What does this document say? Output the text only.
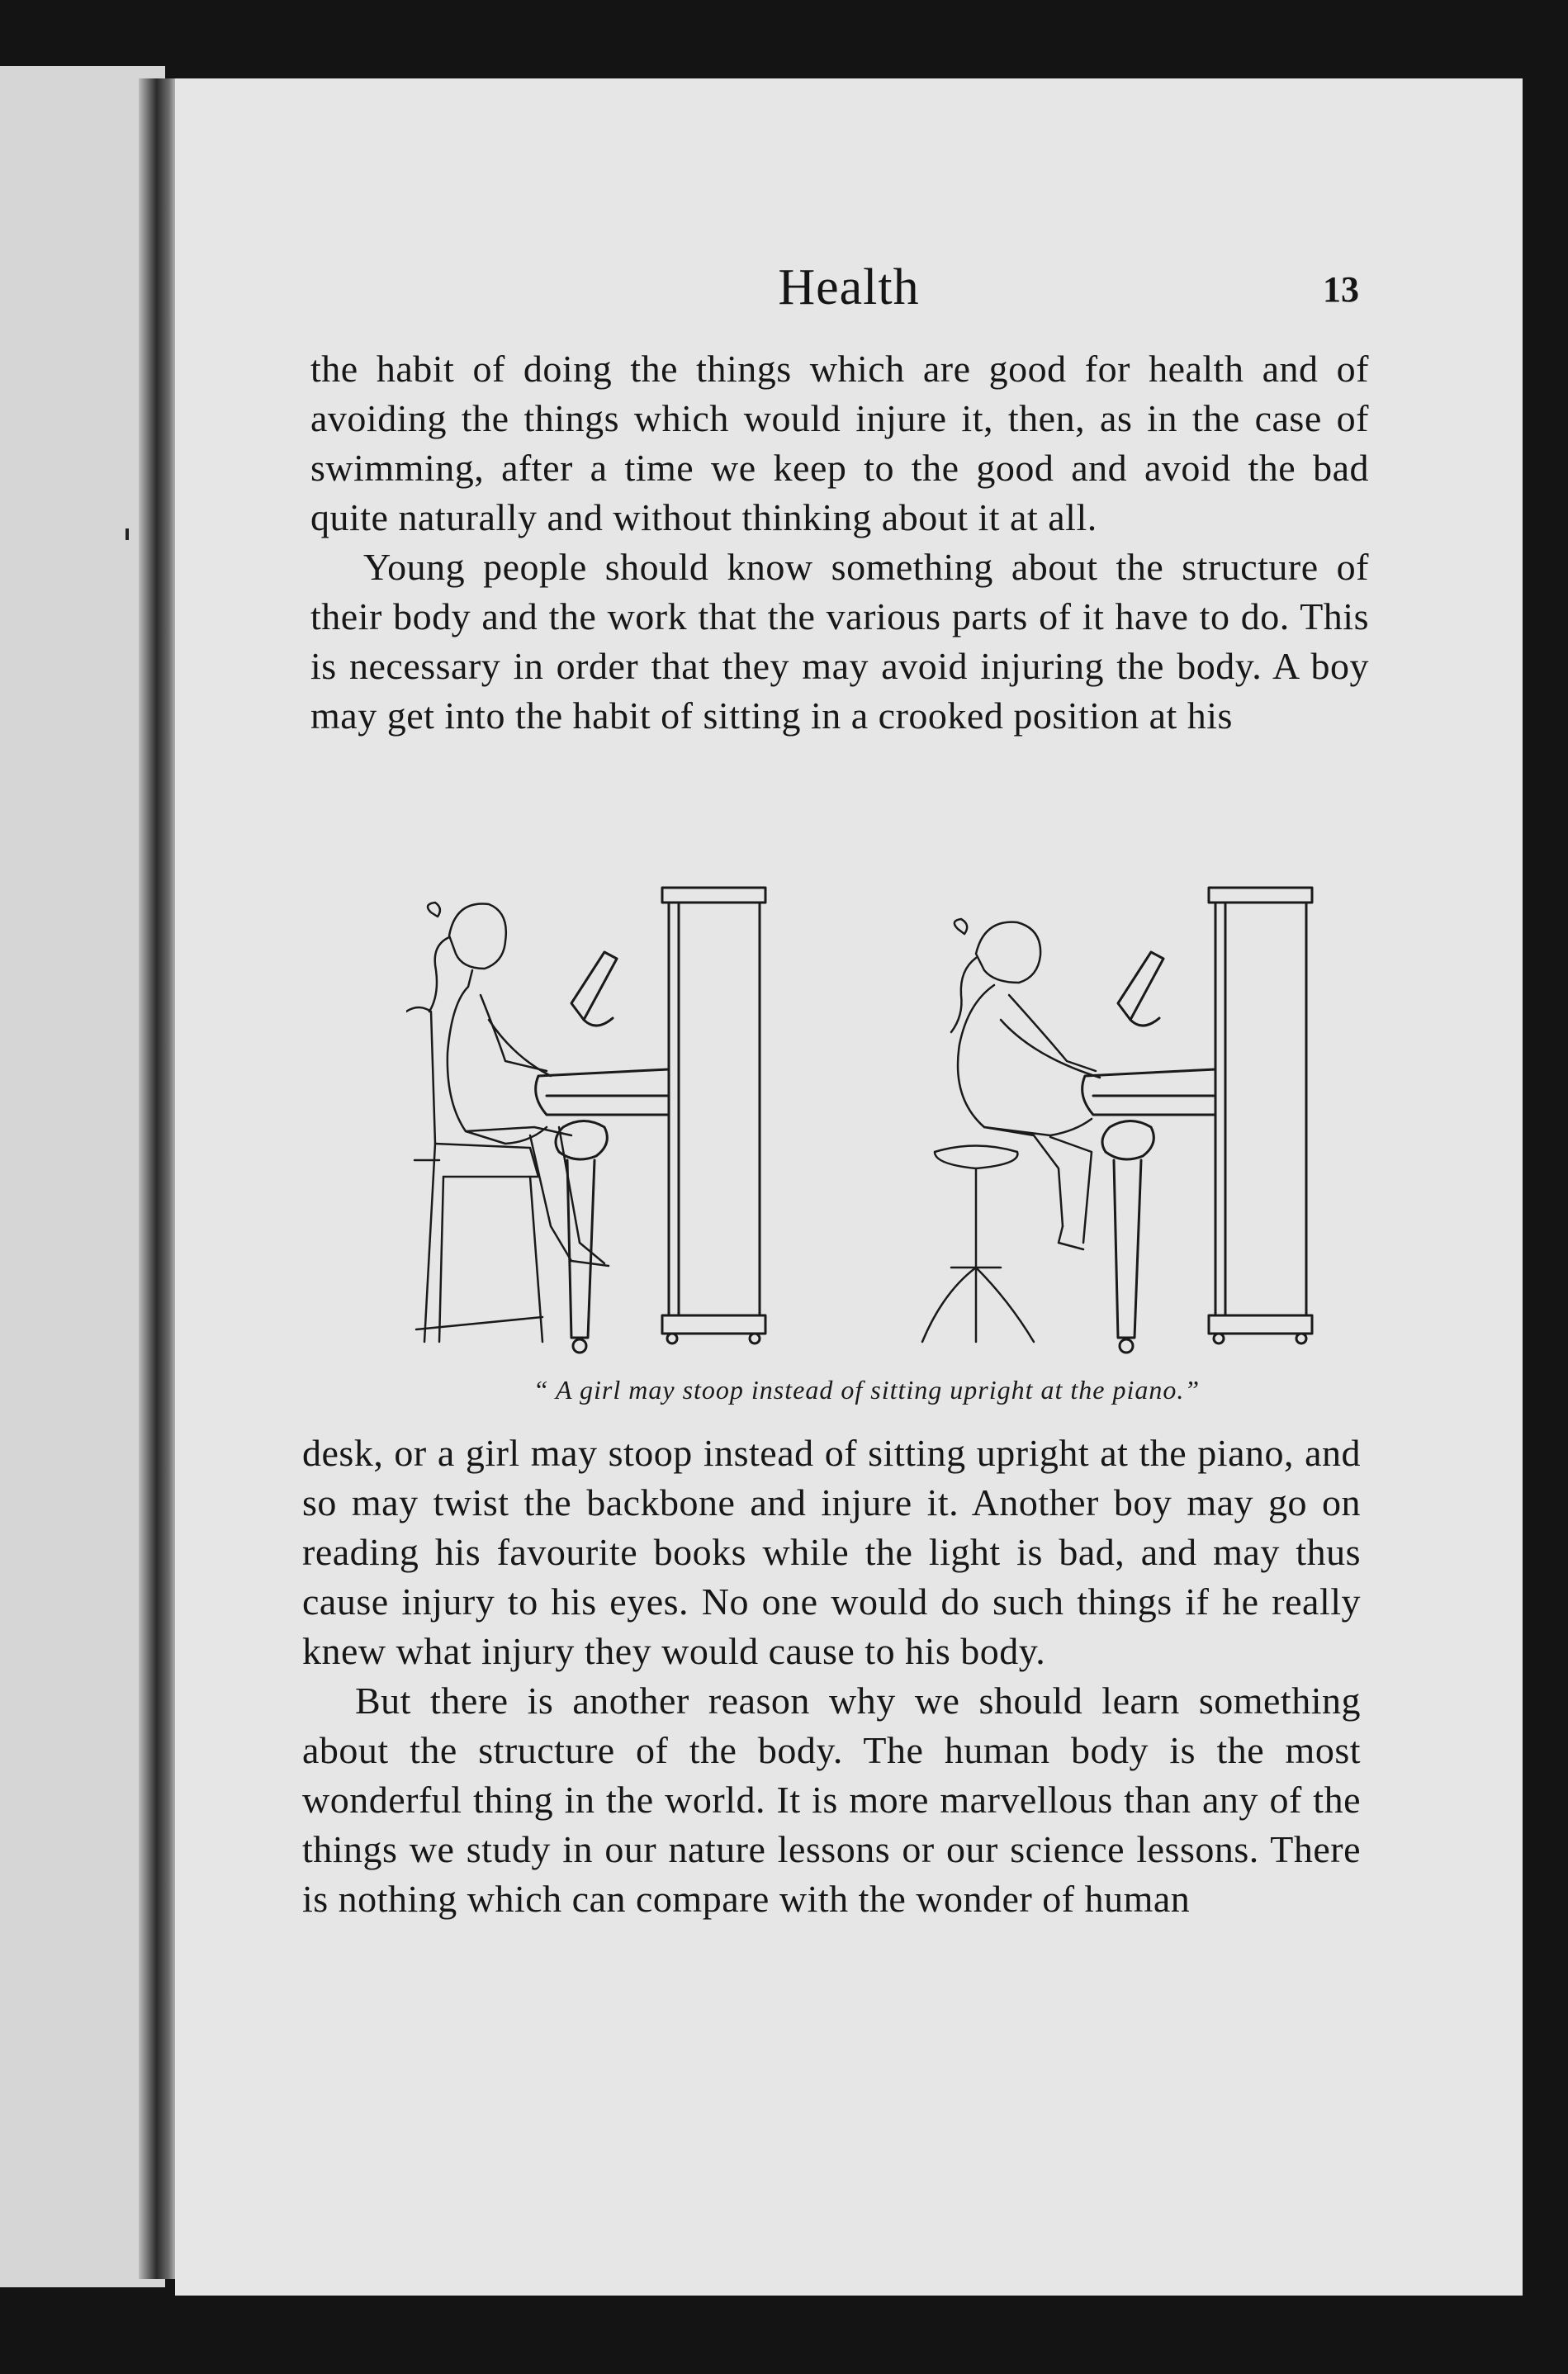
Health	13

the habit of doing the things which are good for health and of avoiding the things which would injure it, then, as in the case of swimming, after a time we keep to the good and avoid the bad quite naturally and without thinking about it at all.

Young people should know something about the structure of their body and the work that the various parts of it have to do. This is necessary in order that they may avoid injuring the body. A boy may get into the habit of sitting in a crooked position at his

“ A girl may stoop instead of sitting upright at the piano.”

desk, or a girl may stoop instead of sitting upright at the piano, and so may twist the backbone and injure it. Another boy may go on reading his favourite books while the light is bad, and may thus cause injury to his eyes. No one would do such things if he really knew what injury they would cause to his body.

But there is another reason why we should learn something about the structure of the body. The human body is the most wonderful thing in the world. It is more marvellous than any of the things we study in our nature lessons or our science lessons. There is nothing which can compare with the wonder of human
